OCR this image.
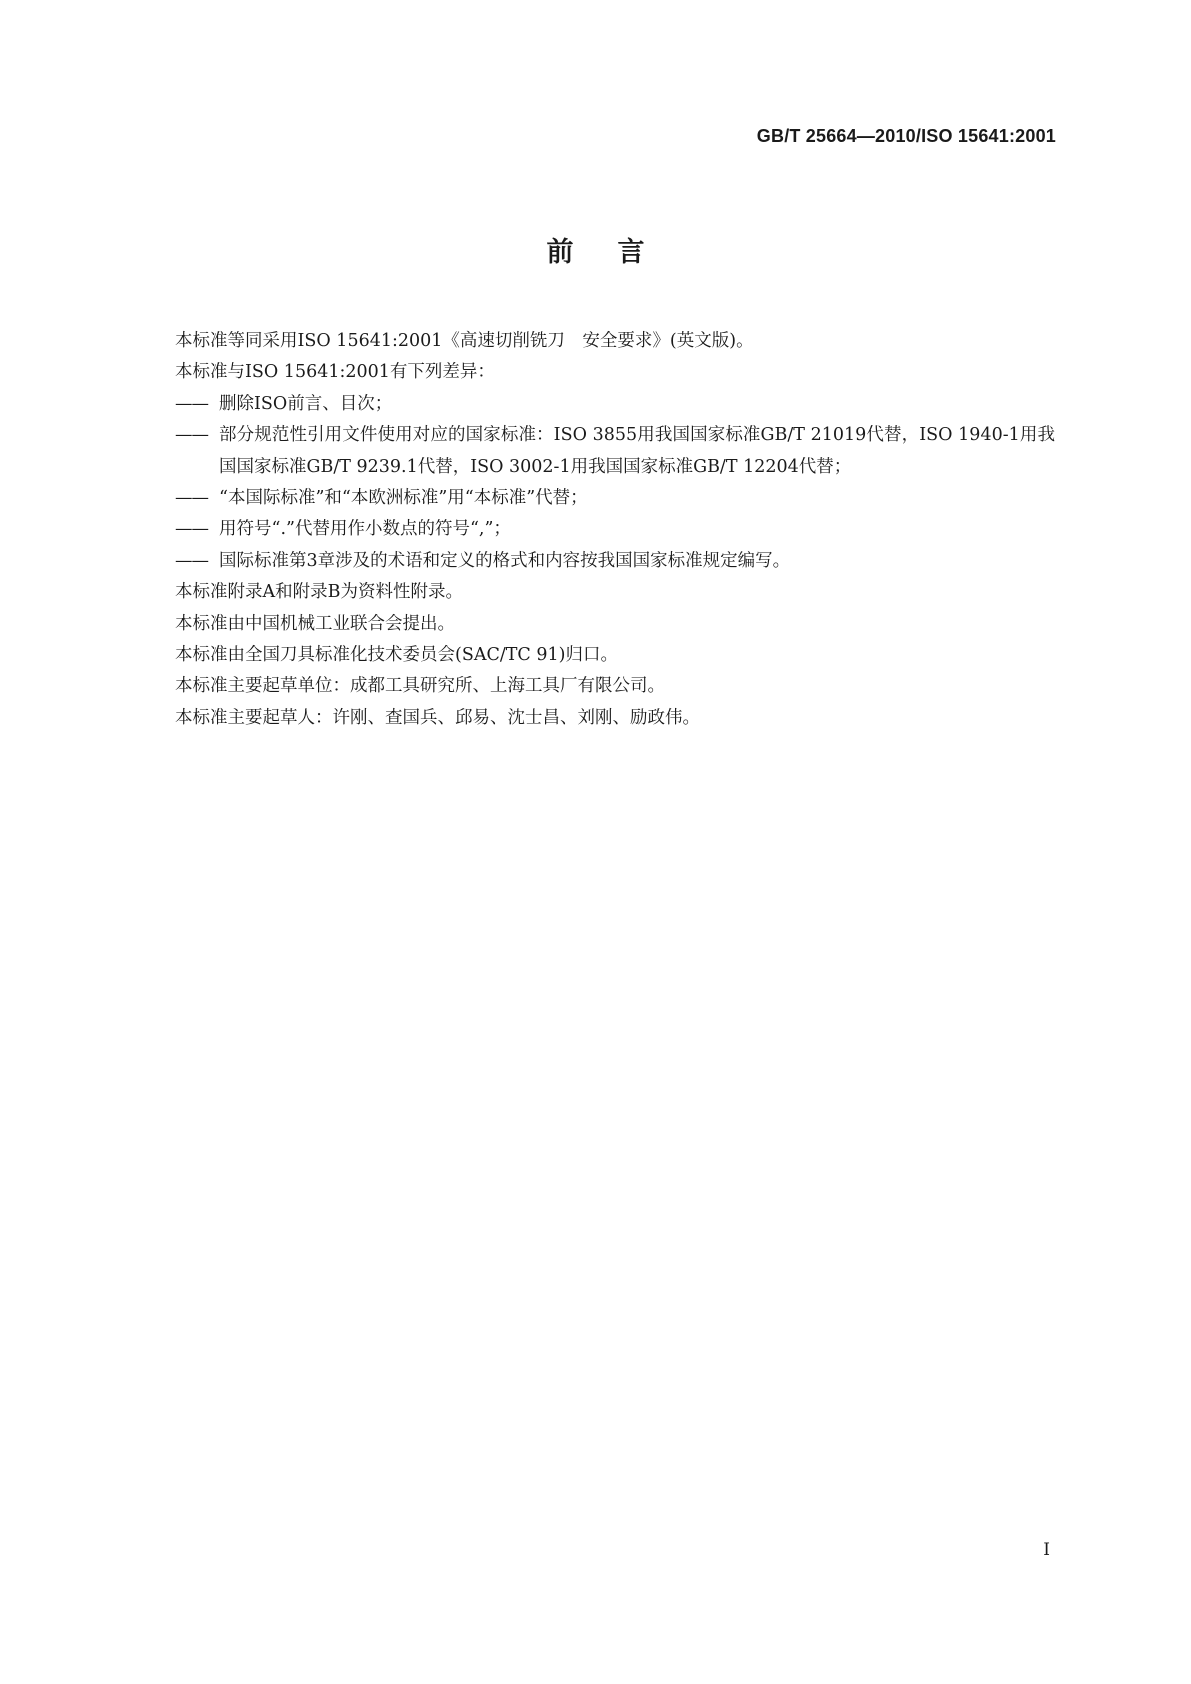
GB/T 25664—2010/ISO 15641:2001
前言
本标准等同采用ISO 15641:2001《高速切削铣刀　安全要求》(英文版)。
本标准与ISO 15641:2001有下列差异：
—— 删除ISO前言、目次；
—— 部分规范性引用文件使用对应的国家标准：ISO 3855用我国国家标准GB/T 21019代替，ISO 1940-1用我国国家标准GB/T 9239.1代替，ISO 3002-1用我国国家标准GB/T 12204代替；
—— “本国际标准”和“本欧洲标准”用“本标准”代替；
—— 用符号“.”代替用作小数点的符号“,”；
—— 国际标准第3章涉及的术语和定义的格式和内容按我国国家标准规定编写。
本标准附录A和附录B为资料性附录。
本标准由中国机械工业联合会提出。
本标准由全国刀具标准化技术委员会(SAC/TC 91)归口。
本标准主要起草单位：成都工具研究所、上海工具厂有限公司。
本标准主要起草人：许刚、查国兵、邱易、沈士昌、刘刚、励政伟。
I
